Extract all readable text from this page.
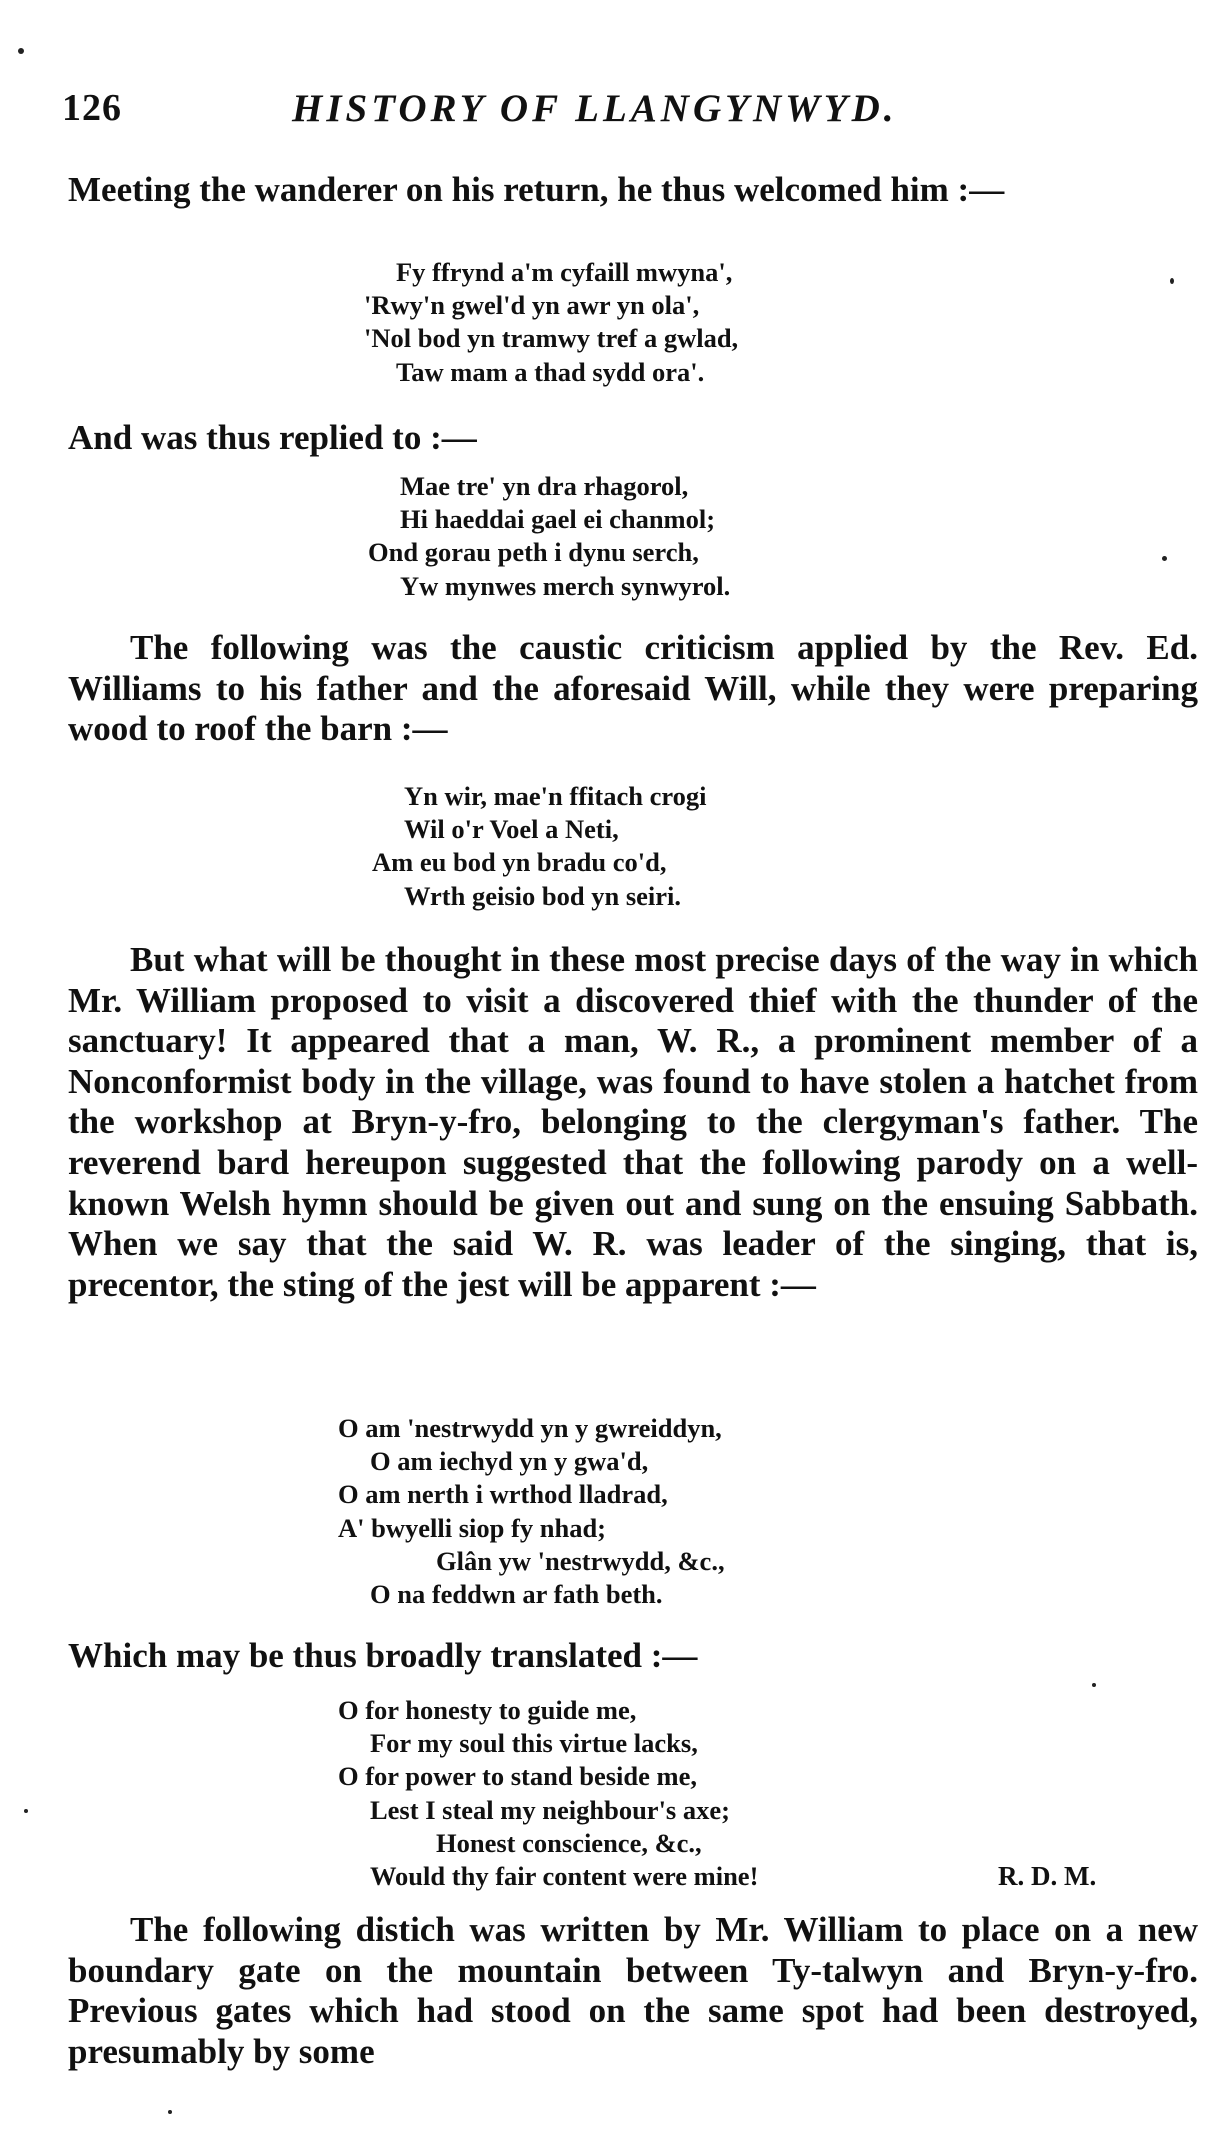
126	HISTORY OF LLANGYNWYD.
Meeting the wanderer on his return, he thus welcomed him :—
Fy ffrynd a'm cyfaill mwyna',
'Rwy'n gwel'd yn awr yn ola',
'Nol bod yn tramwy tref a gwlad,
Taw mam a thad sydd ora'.
And was thus replied to :—
Mae tre' yn dra rhagorol,
Hi haeddai gael ei chanmol;
Ond gorau peth i dynu serch,
Yw mynwes merch synwyrol.
The following was the caustic criticism applied by the Rev. Ed. Williams to his father and the aforesaid Will, while they were preparing wood to roof the barn :—
Yn wir, mae'n ffitach crogi
Wil o'r Voel a Neti,
Am eu bod yn bradu co'd,
Wrth geisio bod yn seiri.
But what will be thought in these most precise days of the way in which Mr. William proposed to visit a discovered thief with the thunder of the sanctuary! It appeared that a man, W. R., a prominent member of a Nonconformist body in the village, was found to have stolen a hatchet from the workshop at Bryn-y-fro, belonging to the clergyman's father. The reverend bard hereupon suggested that the following parody on a well-known Welsh hymn should be given out and sung on the ensuing Sabbath. When we say that the said W. R. was leader of the singing, that is, precentor, the sting of the jest will be apparent :—
O am 'nestrwydd yn y gwreiddyn,
O am iechyd yn y gwa'd,
O am nerth i wrthod lladrad,
A' bwyelli siop fy nhad;
Glân yw 'nestrwydd, &c.,
O na feddwn ar fath beth.
Which may be thus broadly translated :—
O for honesty to guide me,
For my soul this virtue lacks,
O for power to stand beside me,
Lest I steal my neighbour's axe;
Honest conscience, &c.,
Would thy fair content were mine!	R. D. M.
The following distich was written by Mr. William to place on a new boundary gate on the mountain between Ty-talwyn and Bryn-y-fro. Previous gates which had stood on the same spot had been destroyed, presumably by some
